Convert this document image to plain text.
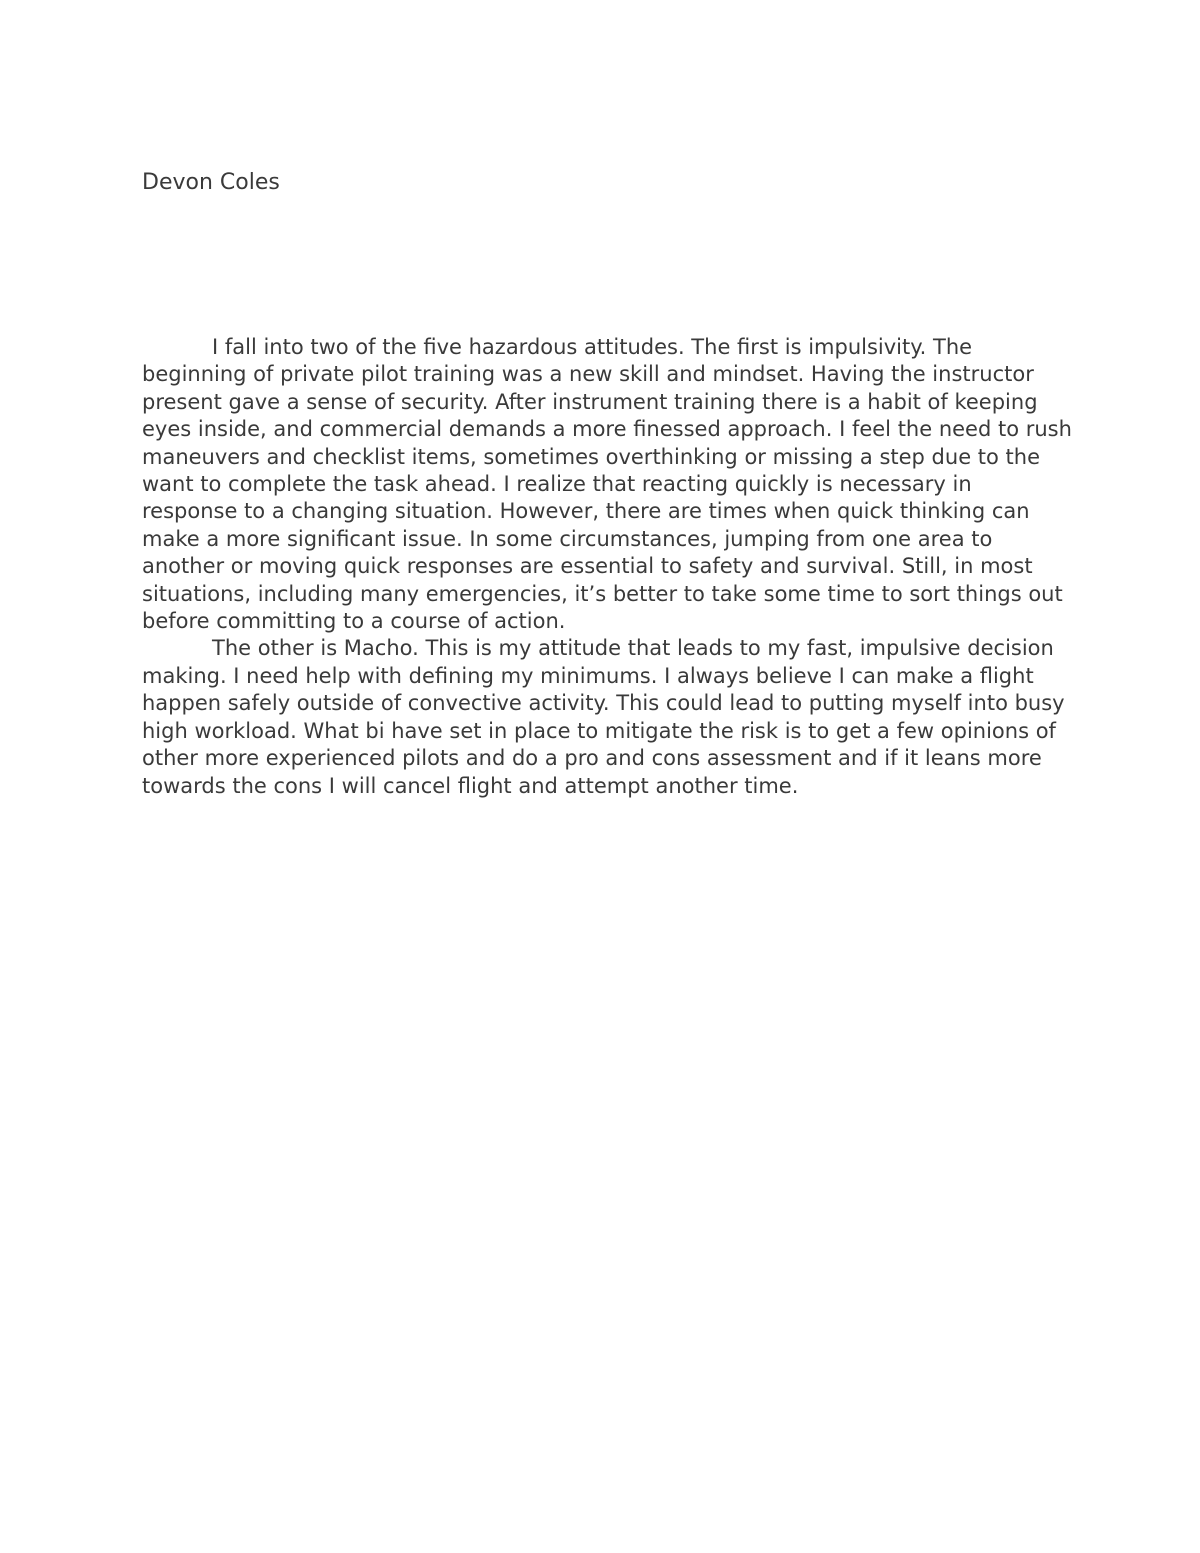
Devon Coles

I fall into two of the five hazardous attitudes. The first is impulsivity. The beginning of private pilot training was a new skill and mindset. Having the instructor present gave a sense of security. After instrument training there is a habit of keeping eyes inside, and commercial demands a more finessed approach. I feel the need to rush maneuvers and checklist items, sometimes overthinking or missing a step due to the want to complete the task ahead. I realize that reacting quickly is necessary in response to a changing situation. However, there are times when quick thinking can make a more significant issue. In some circumstances, jumping from one area to another or moving quick responses are essential to safety and survival. Still, in most situations, including many emergencies, it’s better to take some time to sort things out before committing to a course of action.

The other is Macho. This is my attitude that leads to my fast, impulsive decision making. I need help with defining my minimums. I always believe I can make a flight happen safely outside of convective activity. This could lead to putting myself into busy high workload. What bi have set in place to mitigate the risk is to get a few opinions of other more experienced pilots and do a pro and cons assessment and if it leans more towards the cons I will cancel flight and attempt another time.
